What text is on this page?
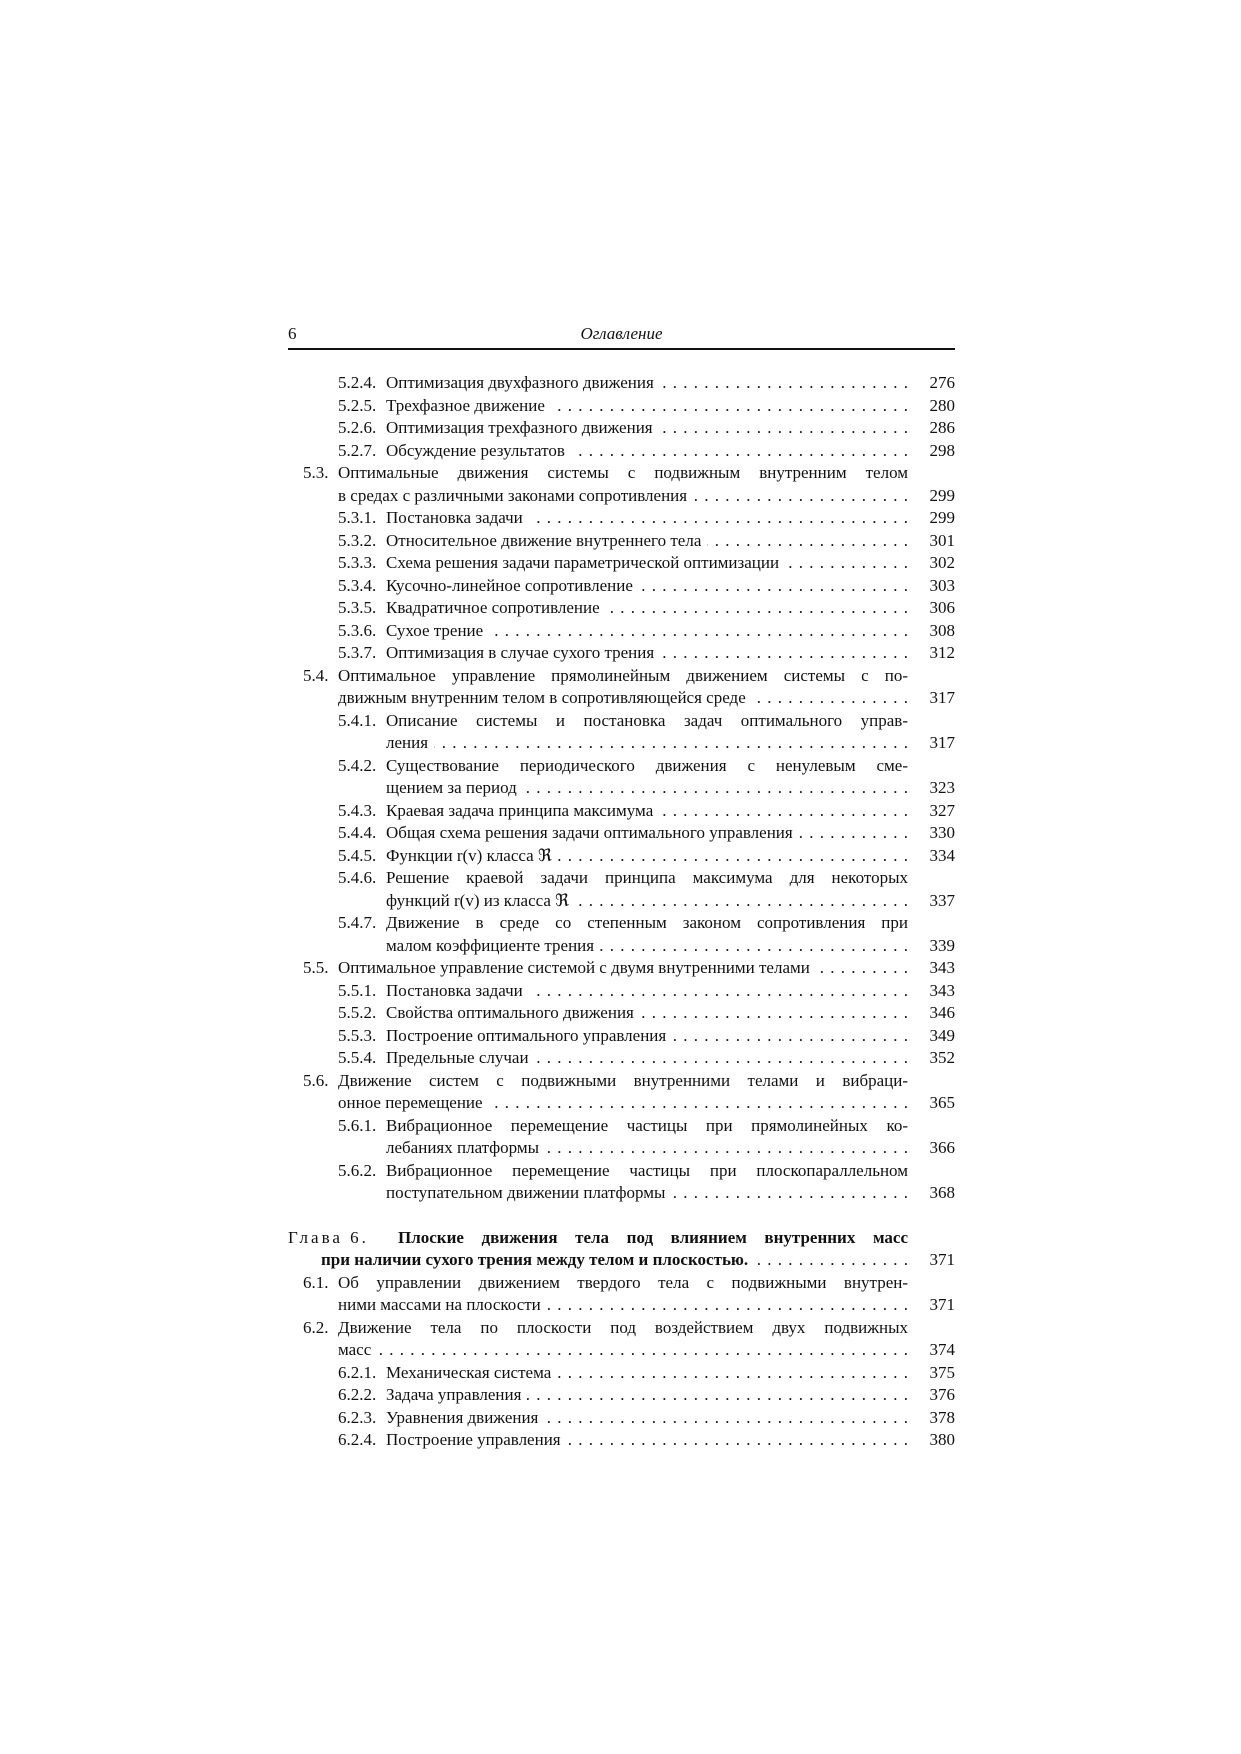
6	Оглавление
5.2.4. Оптимизация двухфазного движения . . .	276
5.2.5. Трехфазное движение . . .	280
5.2.6. Оптимизация трехфазного движения . . .	286
5.2.7. Обсуждение результатов . . .	298
5.3. Оптимальные движения системы с подвижным внутренним телом
в средах с различными законами сопротивления . . .	299
5.3.1. Постановка задачи . . .	299
5.3.2. Относительное движение внутреннего тела . . .	301
5.3.3. Схема решения задачи параметрической оптимизации . . .	302
5.3.4. Кусочно-линейное сопротивление . . .	303
5.3.5. Квадратичное сопротивление . . .	306
5.3.6. Сухое трение . . .	308
5.3.7. Оптимизация в случае сухого трения . . .	312
5.4. Оптимальное управление прямолинейным движением системы с по-
движным внутренним телом в сопротивляющейся среде . . .	317
5.4.1. Описание системы и постановка задач оптимального управ-
ления . . .	317
5.4.2. Существование периодического движения с ненулевым сме-
щением за период . . .	323
5.4.3. Краевая задача принципа максимума . . .	327
5.4.4. Общая схема решения задачи оптимального управления . . .	330
5.4.5. Функции r(v) класса ℜ . . .	334
5.4.6. Решение краевой задачи принципа максимума для некоторых
функций r(v) из класса ℜ . . .	337
5.4.7. Движение в среде со степенным законом сопротивления при
малом коэффициенте трения . . .	339
5.5. Оптимальное управление системой с двумя внутренними телами . . .	343
5.5.1. Постановка задачи . . .	343
5.5.2. Свойства оптимального движения . . .	346
5.5.3. Построение оптимального управления . . .	349
5.5.4. Предельные случаи . . .	352
5.6. Движение систем с подвижными внутренними телами и вибраци-
онное перемещение . . .	365
5.6.1. Вибрационное перемещение частицы при прямолинейных ко-
лебаниях платформы . . .	366
5.6.2. Вибрационное перемещение частицы при плоскопараллельном
поступательном движении платформы . . .	368
Глава 6. Плоские движения тела под влиянием внутренних масс
при наличии сухого трения между телом и плоскостью. . . .	371
6.1. Об управлении движением твердого тела с подвижными внутрен-
ними массами на плоскости . . .	371
6.2. Движение тела по плоскости под воздействием двух подвижных
масс . . .	374
6.2.1. Механическая система . . .	375
6.2.2. Задача управления . . .	376
6.2.3. Уравнения движения . . .	378
6.2.4. Построение управления . . .	380
